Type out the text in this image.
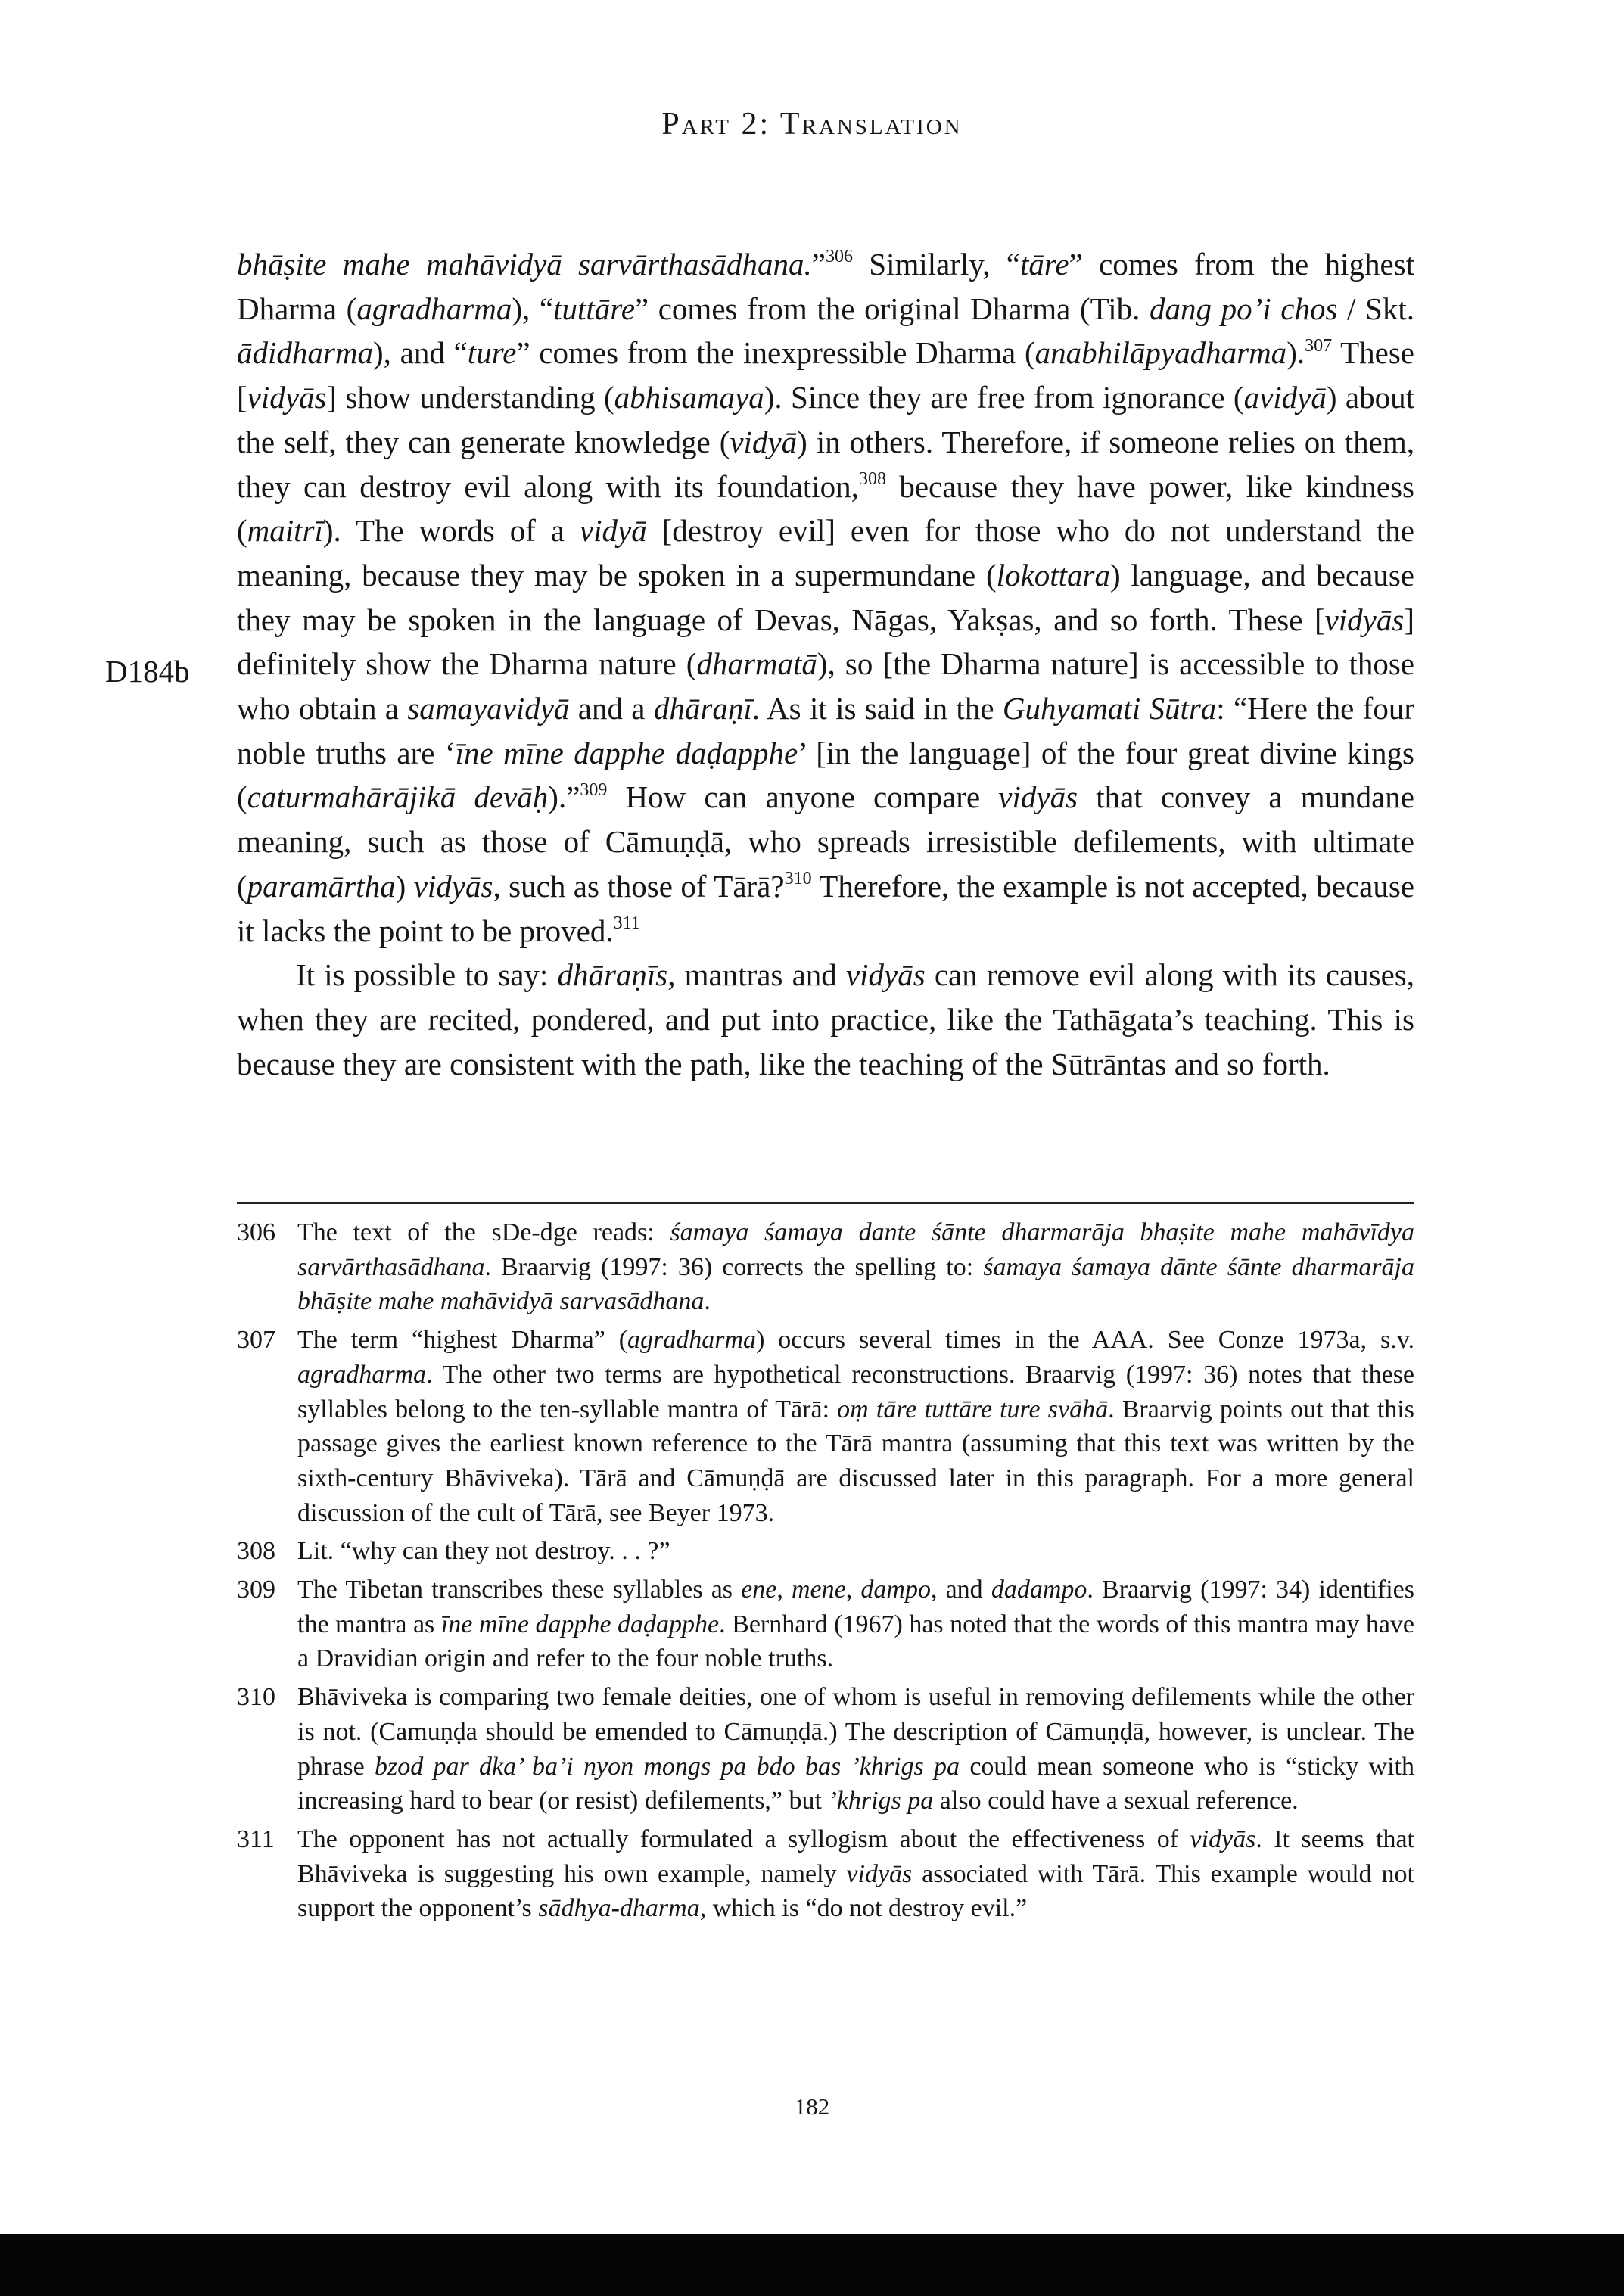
Part 2: Translation
D184b

bhāṣite mahe mahāvidyā sarvārthasādhana.”$^{306}$ Similarly, “tāre” comes from the highest Dharma (agradharma), “tuttāre” comes from the original Dharma (Tib. dang po’i chos / Skt. ādidharma), and “ture” comes from the inexpressible Dharma (anabhilāpyadharma).$^{307}$ These [vidyās] show understanding (abhisamaya). Since they are free from ignorance (avidyā) about the self, they can generate knowledge (vidyā) in others. Therefore, if someone relies on them, they can destroy evil along with its foundation,$^{308}$ because they have power, like kindness (maitrī). The words of a vidyā [destroy evil] even for those who do not understand the meaning, because they may be spoken in a supermundane (lokottara) language, and because they may be spoken in the language of Devas, Nāgas, Yakṣas, and so forth. These [vidyās] definitely show the Dharma nature (dharmatā), so [the Dharma nature] is accessible to those who obtain a samayavidyā and a dhāraṇī. As it is said in the Guhyamati Sūtra: “Here the four noble truths are ‘īne mīne dapphe daḍapphe’ [in the language] of the four great divine kings (caturmahārājikā devāḥ).”$^{309}$ How can anyone compare vidyās that convey a mundane meaning, such as those of Cāmuṇḍā, who spreads irresistible defilements, with ultimate (paramārtha) vidyās, such as those of Tārā?$^{310}$ Therefore, the example is not accepted, because it lacks the point to be proved.$^{311}$

It is possible to say: dhāraṇīs, mantras and vidyās can remove evil along with its causes, when they are recited, pondered, and put into practice, like the Tathāgata’s teaching. This is because they are consistent with the path, like the teaching of the Sūtrāntas and so forth.

306 The text of the sDe-dge reads: śamaya śamaya dante śānte dharmarāja bhaṣite mahe mahāvīdya sarvārthasādhana. Braarvig (1997: 36) corrects the spelling to: śamaya śamaya dānte śānte dharmarāja bhāṣite mahe mahāvidyā sarvasādhana.
307 The term “highest Dharma” (agradharma) occurs several times in the AAA. See Conze 1973a, s.v. agradharma. The other two terms are hypothetical reconstructions. Braarvig (1997: 36) notes that these syllables belong to the ten-syllable mantra of Tārā: oṃ tāre tuttāre ture svāhā. Braarvig points out that this passage gives the earliest known reference to the Tārā mantra (assuming that this text was written by the sixth-century Bhāviveka). Tārā and Cāmuṇḍā are discussed later in this paragraph. For a more general discussion of the cult of Tārā, see Beyer 1973.
308 Lit. “why can they not destroy. . . ?”
309 The Tibetan transcribes these syllables as ene, mene, dampo, and dadampo. Braarvig (1997: 34) identifies the mantra as īne mīne dapphe daḍapphe. Bernhard (1967) has noted that the words of this mantra may have a Dravidian origin and refer to the four noble truths.
310 Bhāviveka is comparing two female deities, one of whom is useful in removing defilements while the other is not. (Camuṇḍa should be emended to Cāmuṇḍā.) The description of Cāmuṇḍā, however, is unclear. The phrase bzod par dka’ ba’i nyon mongs pa bdo bas ’khrigs pa could mean someone who is “sticky with increasing hard to bear (or resist) defilements,” but ’khrigs pa also could have a sexual reference.
311 The opponent has not actually formulated a syllogism about the effectiveness of vidyās. It seems that Bhāviveka is suggesting his own example, namely vidyās associated with Tārā. This example would not support the opponent’s sādhya-dharma, which is “do not destroy evil.”
182
